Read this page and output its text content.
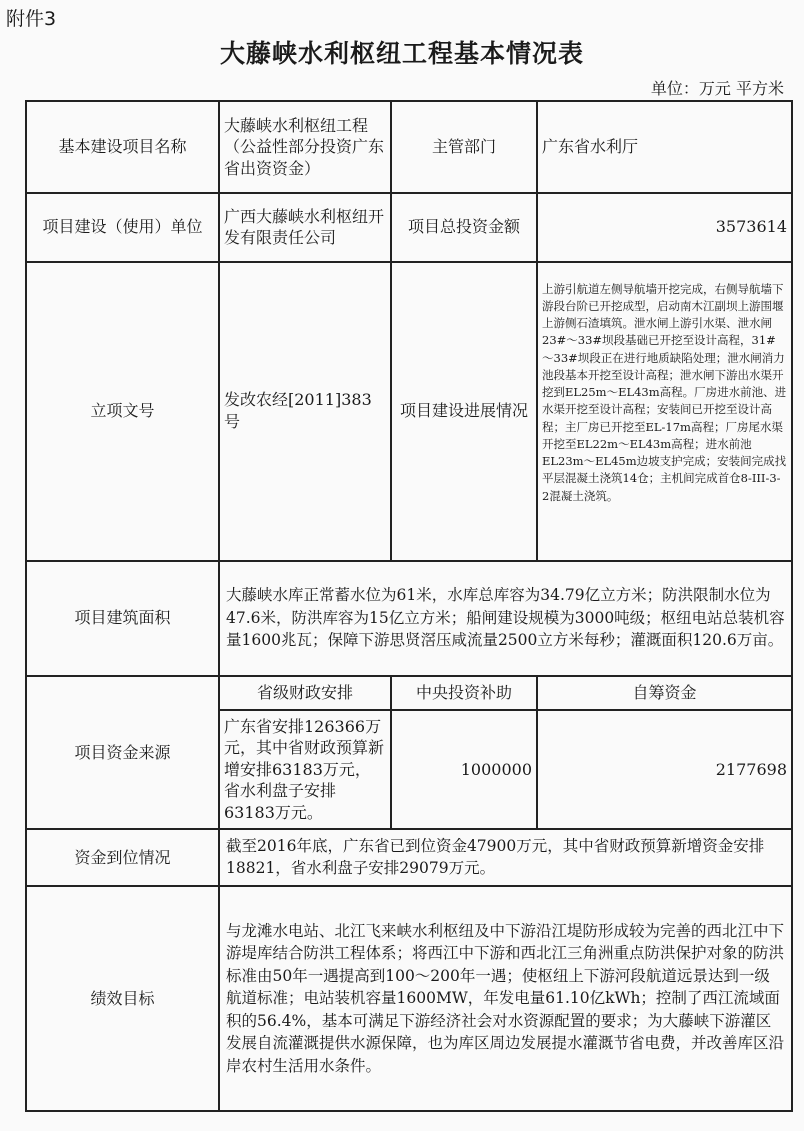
附件3
大藤峡水利枢纽工程基本情况表
单位：万元 平方米
基本建设项目名称	大藤峡水利枢纽工程（公益性部分投资广东省出资资金）	主管部门	广东省水利厅
项目建设（使用）单位	广西大藤峡水利枢纽开发有限责任公司	项目总投资金额	3573614
立项文号	发改农经[2011]383号	项目建设进展情况	上游引航道左侧导航墙开挖完成，右侧导航墙下游段台阶已开挖成型，启动南木江副坝上游围堰上游侧石渣填筑。泄水闸上游引水渠、泄水闸23#～33#坝段基础已开挖至设计高程，31#～33#坝段正在进行地质缺陷处理；泄水闸消力池段基本开挖至设计高程；泄水闸下游出水渠开挖到EL25m～EL43m高程。厂房进水前池、进水渠开挖至设计高程；安装间已开挖至设计高程；主厂房已开挖至EL-17m高程；厂房尾水渠开挖至EL22m～EL43m高程；进水前池EL23m～EL45m边坡支护完成；安装间完成找平层混凝土浇筑14仓；主机间完成首仓8-III-3-2混凝土浇筑。
项目建筑面积	大藤峡水库正常蓄水位为61米，水库总库容为34.79亿立方米；防洪限制水位为47.6米，防洪库容为15亿立方米；船闸建设规模为3000吨级；枢纽电站总装机容量1600兆瓦；保障下游思贤滘压咸流量2500立方米每秒；灌溉面积120.6万亩。		
项目资金来源	省级财政安排	中央投资补助	自筹资金
	广东省安排126366万元，其中省财政预算新增安排63183万元，省水利盘子安排63183万元。	1000000	2177698
资金到位情况	截至2016年底，广东省已到位资金47900万元，其中省财政预算新增资金安排18821，省水利盘子安排29079万元。		
绩效目标	与龙滩水电站、北江飞来峡水利枢纽及中下游沿江堤防形成较为完善的西北江中下游堤库结合防洪工程体系；将西江中下游和西北江三角洲重点防洪保护对象的防洪标准由50年一遇提高到100～200年一遇；使枢纽上下游河段航道远景达到一级航道标准；电站装机容量1600MW，年发电量61.10亿kWh；控制了西江流域面积的56.4%，基本可满足下游经济社会对水资源配置的要求；为大藤峡下游灌区发展自流灌溉提供水源保障，也为库区周边发展提水灌溉节省电费，并改善库区沿岸农村生活用水条件。		
